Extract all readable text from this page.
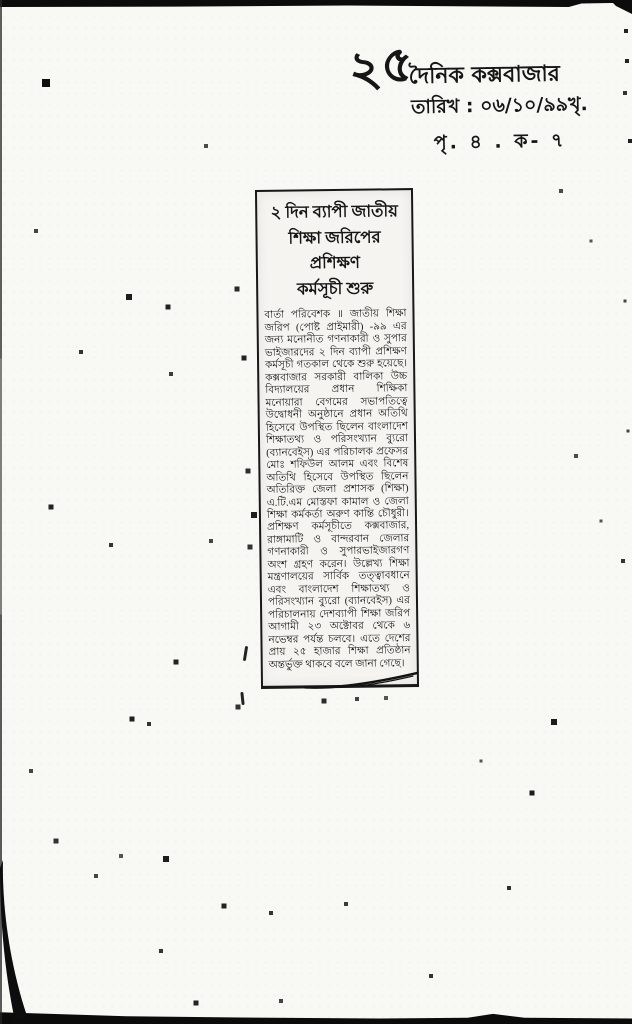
২৫
দৈনিক কক্সবাজার
তারিখ : ০৬/১০/৯৯খৃ.
পৃ. ৪ . ক- ৭
২ দিন ব্যাপী জাতীয়
শিক্ষা জরিপের প্রশিক্ষণ
কর্মসূচী শুরু
বার্তা পরিবেশক ॥ জাতীয় শিক্ষা জরিপ (পোষ্ট প্রাইমারী) -৯৯ এর জন্য মনোনীত গণনাকারী ও সুপার ভাইজারদের ২ দিন ব্যাপী প্রশিক্ষণ কর্মসূচী গতকাল থেকে শুরু হয়েছে। কক্সবাজার সরকারী বালিকা উচ্চ বিদ্যালয়ের প্রধান শিক্ষিকা মনোয়ারা বেগমের সভাপতিত্বে উদ্বোধনী অনুষ্ঠানে প্রধান অতিথি হিসেবে উপস্থিত ছিলেন বাংলাদেশ শিক্ষাতথ্য ও পরিসংখ্যান ব্যুরো (ব্যানবেইস) এর পরিচালক প্রফেসর মোঃ শফিউল আলম এবং বিশেষ অতিথি হিসেবে উপস্থিত ছিলেন অতিরিক্ত জেলা প্রশাসক (শিক্ষা) এ.টি.এম মোস্তফা কামাল ও জেলা শিক্ষা কর্মকর্তা অরুণ কান্তি চৌধুরী। প্রশিক্ষণ কর্মসূচীতে কক্সবাজার, রাঙ্গামাটি ও বান্দরবান জেলার গণনাকারী ও সুপারভাইজারগণ অংশ গ্রহণ করেন। উল্লেখ্য শিক্ষা মন্ত্রণালয়ের সার্বিক তত্ত্বাবধানে এবং বাংলাদেশ শিক্ষাতথ্য ও পরিসংখ্যান ব্যুরো (ব্যানবেইস) এর পরিচালনায় দেশব্যাপী শিক্ষা জরিপ আগামী ২৩ অক্টোবর থেকে ৬ নভেম্বর পর্যন্ত চলবে। এতে দেশের প্রায় ২৫ হাজার শিক্ষা প্রতিষ্ঠান অন্তর্ভুক্ত থাকবে বলে জানা গেছে।
